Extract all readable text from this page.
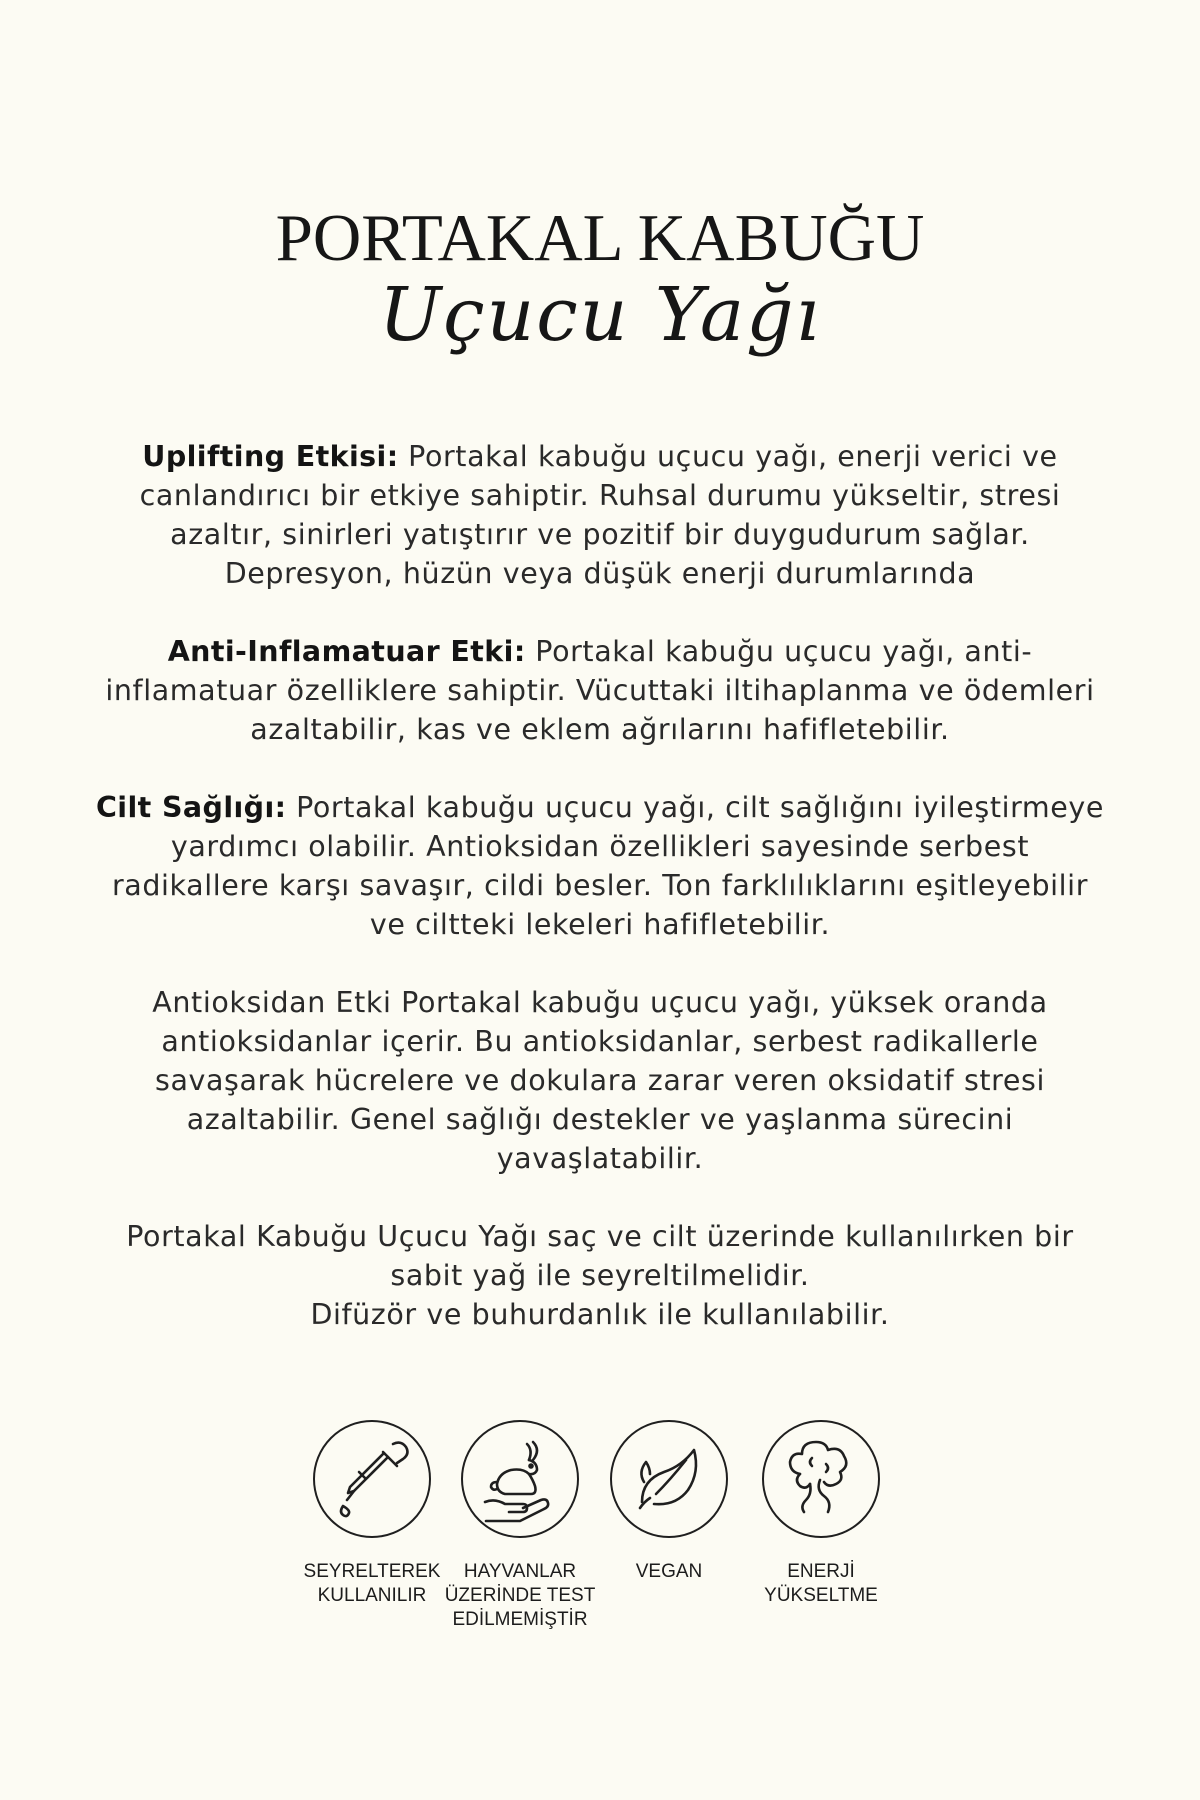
PORTAKAL KABUĞU
Uçucu Yağı

Uplifting Etkisi: Portakal kabuğu uçucu yağı, enerji verici ve canlandırıcı bir etkiye sahiptir. Ruhsal durumu yükseltir, stresi azaltır, sinirleri yatıştırır ve pozitif bir duygudurum sağlar. Depresyon, hüzün veya düşük enerji durumlarında

Anti-Inflamatuar Etki: Portakal kabuğu uçucu yağı, anti-inflamatuar özelliklere sahiptir. Vücuttaki iltihaplanma ve ödemleri azaltabilir, kas ve eklem ağrılarını hafifletebilir.

Cilt Sağlığı: Portakal kabuğu uçucu yağı, cilt sağlığını iyileştirmeye yardımcı olabilir. Antioksidan özellikleri sayesinde serbest radikallere karşı savaşır, cildi besler. Ton farklılıklarını eşitleyebilir ve ciltteki lekeleri hafifletebilir.

Antioksidan Etki Portakal kabuğu uçucu yağı, yüksek oranda antioksidanlar içerir. Bu antioksidanlar, serbest radikallerle savaşarak hücrelere ve dokulara zarar veren oksidatif stresi azaltabilir. Genel sağlığı destekler ve yaşlanma sürecini yavaşlatabilir.

Portakal Kabuğu Uçucu Yağı saç ve cilt üzerinde kullanılırken bir sabit yağ ile seyreltilmelidir.
Difüzör ve buhurdanlık ile kullanılabilir.

SEYRELTEREK
KULLANILIR
HAYVANLAR
ÜZERİNDE TEST
EDİLMEMİŞTİR
VEGAN	ENERJİ
YÜKSELTME
